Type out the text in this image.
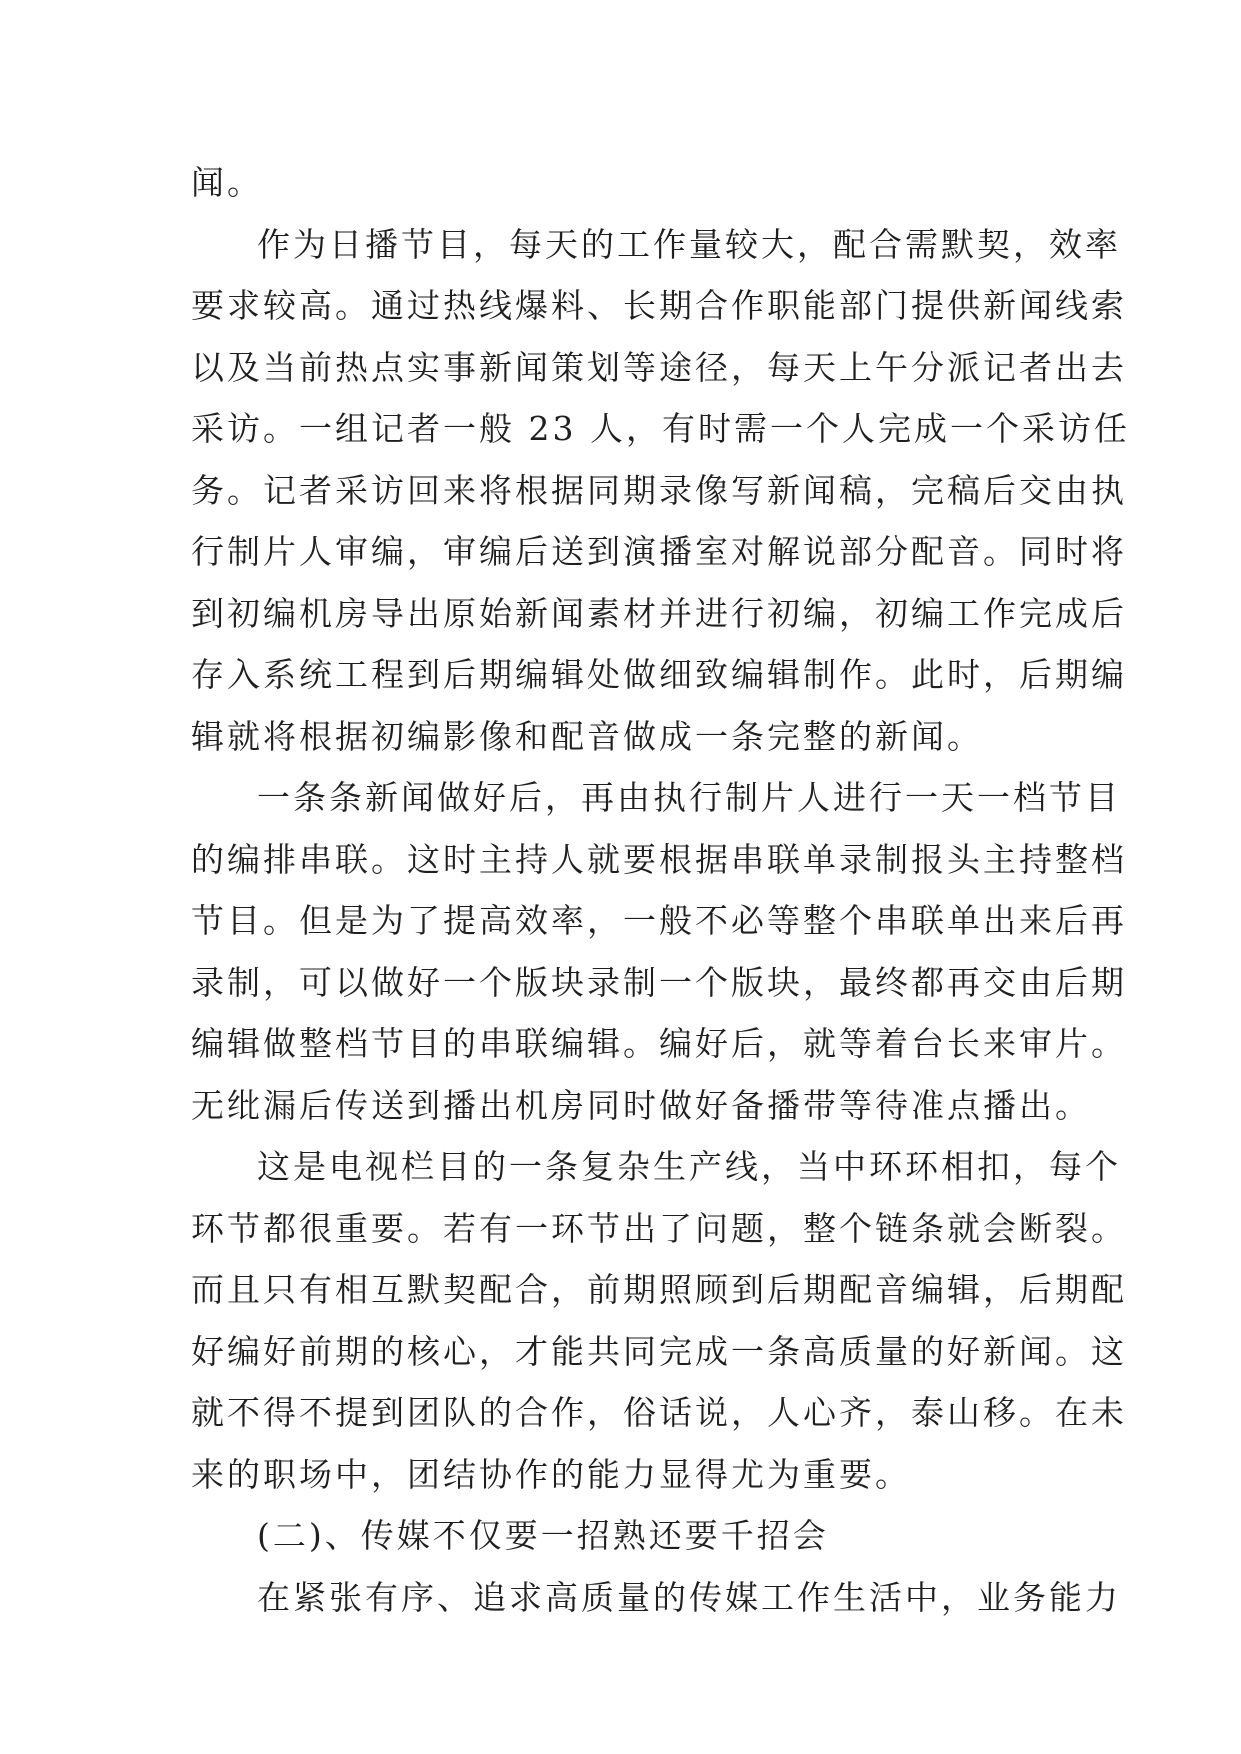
闻。
作为日播节目，每天的工作量较大，配合需默契，效率
要求较高。通过热线爆料、长期合作职能部门提供新闻线索
以及当前热点实事新闻策划等途径，每天上午分派记者出去
采访。一组记者一般 23 人，有时需一个人完成一个采访任
务。记者采访回来将根据同期录像写新闻稿，完稿后交由执
行制片人审编，审编后送到演播室对解说部分配音。同时将
到初编机房导出原始新闻素材并进行初编，初编工作完成后
存入系统工程到后期编辑处做细致编辑制作。此时，后期编
辑就将根据初编影像和配音做成一条完整的新闻。
一条条新闻做好后，再由执行制片人进行一天一档节目
的编排串联。这时主持人就要根据串联单录制报头主持整档
节目。但是为了提高效率，一般不必等整个串联单出来后再
录制，可以做好一个版块录制一个版块，最终都再交由后期
编辑做整档节目的串联编辑。编好后，就等着台长来审片。
无纰漏后传送到播出机房同时做好备播带等待准点播出。
这是电视栏目的一条复杂生产线，当中环环相扣，每个
环节都很重要。若有一环节出了问题，整个链条就会断裂。
而且只有相互默契配合，前期照顾到后期配音编辑，后期配
好编好前期的核心，才能共同完成一条高质量的好新闻。这
就不得不提到团队的合作，俗话说，人心齐，泰山移。在未
来的职场中，团结协作的能力显得尤为重要。
(二)、传媒不仅要一招熟还要千招会
在紧张有序、追求高质量的传媒工作生活中，业务能力
